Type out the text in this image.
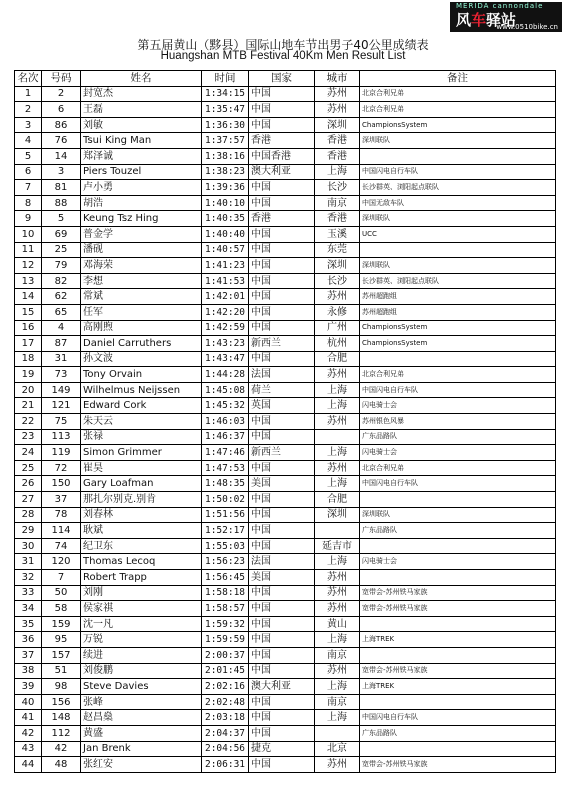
MERIDA cannondale
风车驿站
www.0510bike.cn
第五届黄山（黟县）国际山地车节出男子40公里成绩表
Huangshan MTB Festival 40Km Men Result List
名次	号码	姓名	时间	国家	城市	备注
1	2	封宽杰	1:34:15	中国	苏州	北京合利兄弟
2	6	王磊	1:35:47	中国	苏州	北京合利兄弟
3	86	刘敏	1:36:30	中国	深圳	ChampionsSystem
4	76	Tsui King Man	1:37:57	香港	香港	深圳联队
5	14	郑泽诚	1:38:16	中国香港	香港	
6	3	Piers Touzel	1:38:23	澳大利亚	上海	中国闪电自行车队
7	81	卢小勇	1:39:36	中国	长沙	长沙群英、浏阳起点联队
8	88	胡浩	1:40:10	中国	南京	中国无敌车队
9	5	Keung Tsz Hing	1:40:35	香港	香港	深圳联队
10	69	普金学	1:40:40	中国	玉溪	UCC
11	25	潘砚	1:40:57	中国	东莞	
12	79	邓海荣	1:41:23	中国	深圳	深圳联队
13	82	李想	1:41:53	中国	长沙	长沙群英、浏阳起点联队
14	62	常斌	1:42:01	中国	苏州	苏州超跑组
15	65	任军	1:42:20	中国	永修	苏州超跑组
16	4	高刚煦	1:42:59	中国	广州	ChampionsSystem
17	87	Daniel Carruthers	1:43:23	新西兰	杭州	ChampionsSystem
18	31	孙文波	1:43:47	中国	合肥	
19	73	Tony Orvain	1:44:28	法国	苏州	北京合利兄弟
20	149	Wilhelmus Neijssen	1:45:08	荷兰	上海	中国闪电自行车队
21	121	Edward Cork	1:45:32	英国	上海	闪电骑士会
22	75	朱天云	1:46:03	中国	苏州	苏州银色风暴
23	113	张禄	1:46:37	中国		广东品路队
24	119	Simon Grimmer	1:47:46	新西兰	上海	闪电骑士会
25	72	崔昊	1:47:53	中国	苏州	北京合利兄弟
26	150	Gary Loafman	1:48:35	美国	上海	中国闪电自行车队
27	37	那扎尔别克.别肯	1:50:02	中国	合肥	
28	78	刘春林	1:51:56	中国	深圳	深圳联队
29	114	耿斌	1:52:17	中国		广东品路队
30	74	纪卫东	1:55:03	中国	延吉市	
31	120	Thomas Lecoq	1:56:23	法国	上海	闪电骑士会
32	7	Robert Trapp	1:56:45	美国	苏州	
33	50	刘刚	1:58:18	中国	苏州	宽带会-苏州铁马家族
34	58	侯家祺	1:58:57	中国	苏州	宽带会-苏州铁马家族
35	159	沈一凡	1:59:32	中国	黄山	
36	95	万锐	1:59:59	中国	上海	上海TREK
37	157	续进	2:00:37	中国	南京	
38	51	刘俊鹏	2:01:45	中国	苏州	宽带会-苏州铁马家族
39	98	Steve Davies	2:02:16	澳大利亚	上海	上海TREK
40	156	张峰	2:02:48	中国	南京	
41	148	赵昌燊	2:03:18	中国	上海	中国闪电自行车队
42	112	黄盛	2:04:37	中国		广东品路队
43	42	Jan Brenk	2:04:56	捷克	北京	
44	48	张红安	2:06:31	中国	苏州	宽带会-苏州铁马家族
